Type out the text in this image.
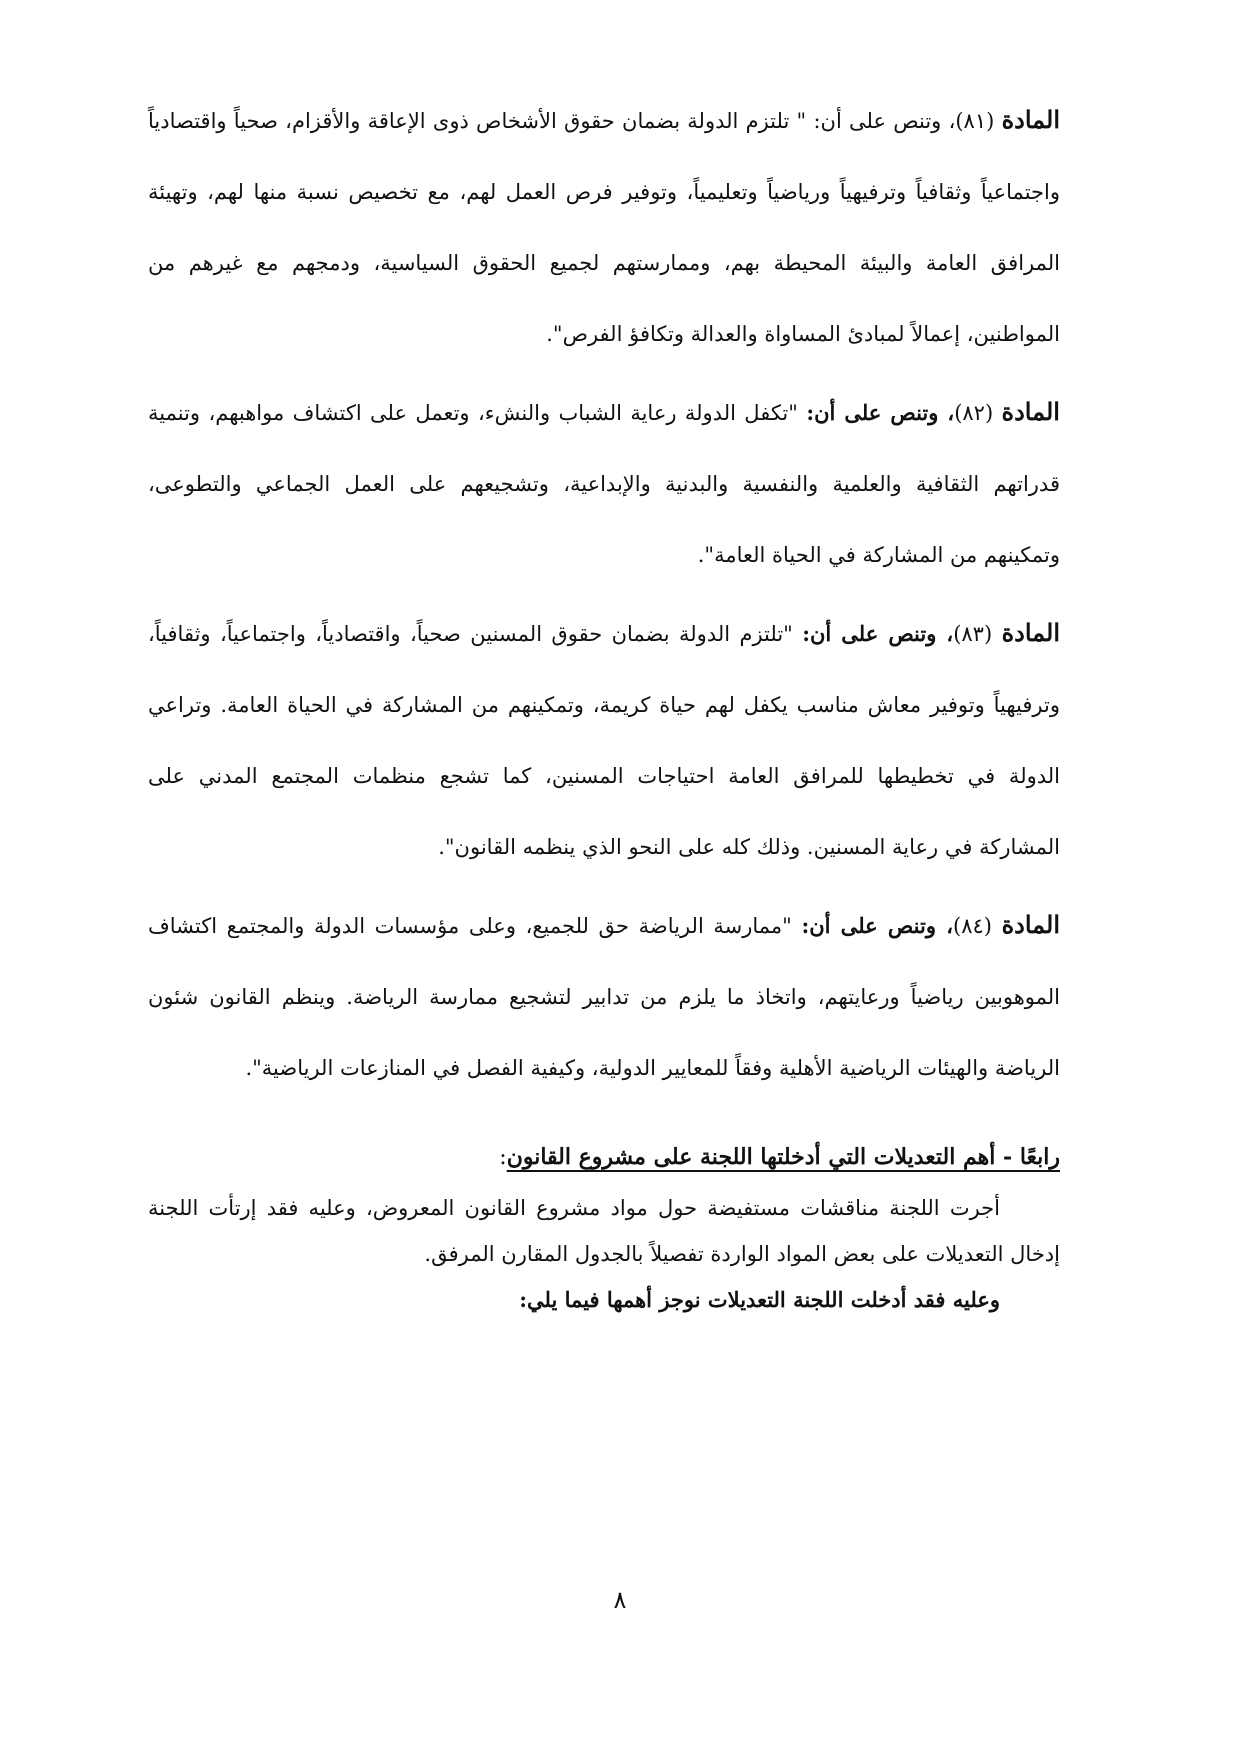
المادة (٨١)، وتنص على أن: " تلتزم الدولة بضمان حقوق الأشخاص ذوى الإعاقة والأقزام، صحياً واقتصادياً واجتماعياً وثقافياً وترفيهياً ورياضياً وتعليمياً، وتوفير فرص العمل لهم، مع تخصيص نسبة منها لهم، وتهيئة المرافق العامة والبيئة المحيطة بهم، وممارستهم لجميع الحقوق السياسية، ودمجهم مع غيرهم من المواطنين، إعمالاً لمبادئ المساواة والعدالة وتكافؤ الفرص".

المادة (٨٢)، وتنص على أن: "تكفل الدولة رعاية الشباب والنشء، وتعمل على اكتشاف مواهبهم، وتنمية قدراتهم الثقافية والعلمية والنفسية والبدنية والإبداعية، وتشجيعهم على العمل الجماعي والتطوعى، وتمكينهم من المشاركة في الحياة العامة".

المادة (٨٣)، وتنص على أن: "تلتزم الدولة بضمان حقوق المسنين صحياً، واقتصادياً، واجتماعياً، وثقافياً، وترفيهياً وتوفير معاش مناسب يكفل لهم حياة كريمة، وتمكينهم من المشاركة في الحياة العامة. وتراعي الدولة في تخطيطها للمرافق العامة احتياجات المسنين، كما تشجع منظمات المجتمع المدني على المشاركة في رعاية المسنين. وذلك كله على النحو الذي ينظمه القانون".

المادة (٨٤)، وتنص على أن: "ممارسة الرياضة حق للجميع، وعلى مؤسسات الدولة والمجتمع اكتشاف الموهوبين رياضياً ورعايتهم، واتخاذ ما يلزم من تدابير لتشجيع ممارسة الرياضة. وينظم القانون شئون الرياضة والهيئات الرياضية الأهلية وفقاً للمعايير الدولية، وكيفية الفصل في المنازعات الرياضية".

رابعًا - أهم التعديلات التي أدخلتها اللجنة على مشروع القانون:

أجرت اللجنة مناقشات مستفيضة حول مواد مشروع القانون المعروض، وعليه فقد إرتأت اللجنة إدخال التعديلات على بعض المواد الواردة تفصيلاً بالجدول المقارن المرفق.

وعليه فقد أدخلت اللجنة التعديلات نوجز أهمها فيما يلي:

٨
